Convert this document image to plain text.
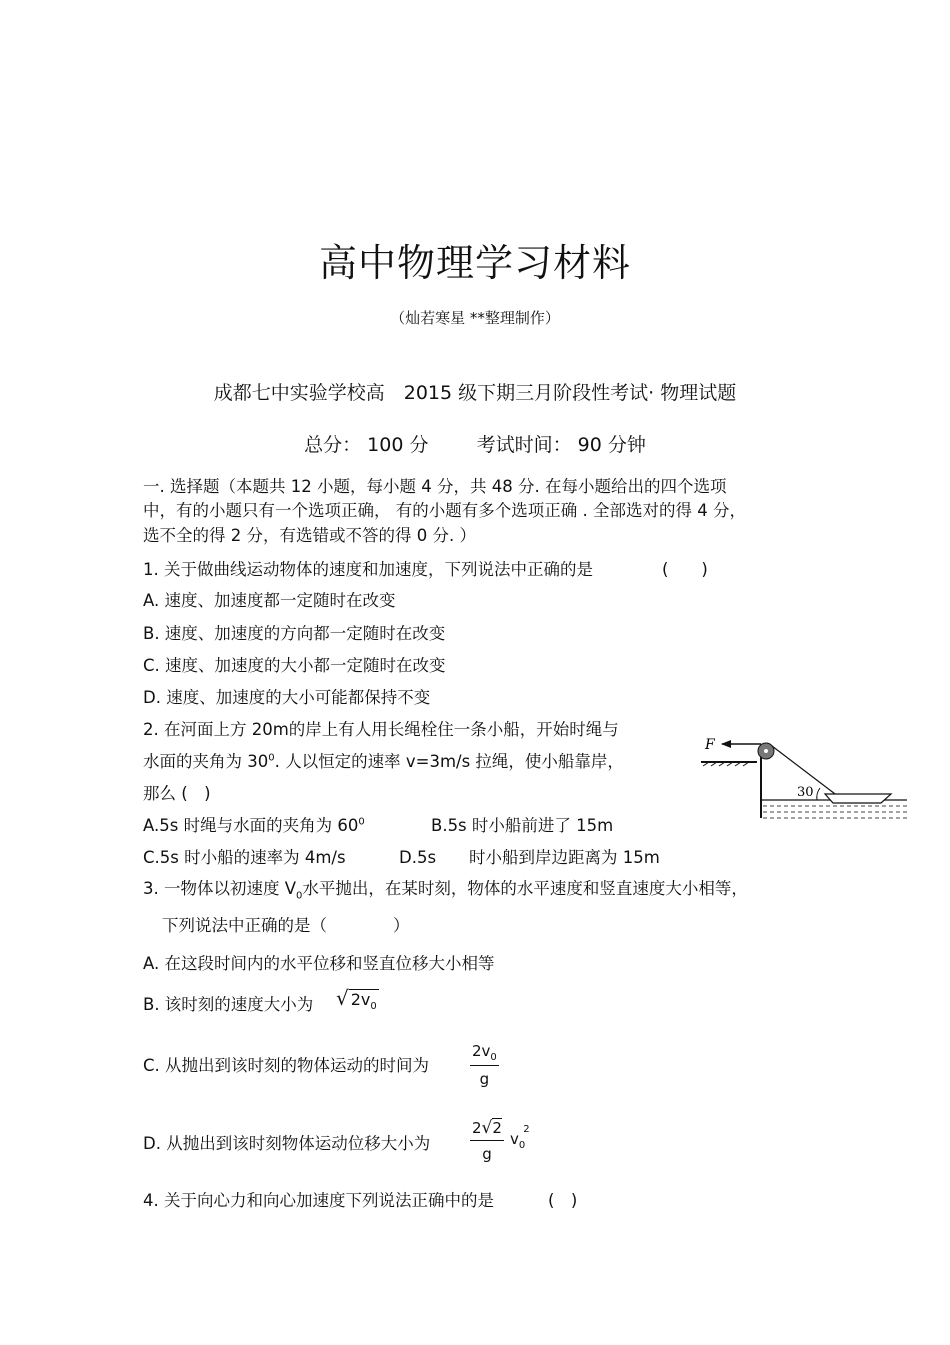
高中物理学习材料
（灿若寒星 **整理制作）
成都七中实验学校高　2015 级下期三月阶段性考试· 物理试题
总分： 100 分	考试时间： 90 分钟
一. 选择题（本题共 12 小题，每小题 4 分，共 48 分. 在每小题给出的四个选项
中，有的小题只有一个选项正确， 有的小题有多个选项正确 . 全部选对的得 4 分，
选不全的得 2 分，有选错或不答的得 0 分. ）
1. 关于做曲线运动物体的速度和加速度，下列说法中正确的是	(　　)
A. 速度、加速度都一定随时在改变
B. 速度、加速度的方向都一定随时在改变
C. 速度、加速度的大小都一定随时在改变
D. 速度、加速度的大小可能都保持不变
2. 在河面上方 20m的岸上有人用长绳栓住一条小船，开始时绳与
水面的夹角为 $30^0$. 人以恒定的速率 v=3m/s 拉绳，使小船靠岸，
那么 (　)
F
30
A.5s 时绳与水面的夹角为 $60^0$	B.5s 时小船前进了 15m
C.5s 时小船的速率为 4m/s	D.5s　　时小船到岸边距离为 15m
3. 一物体以初速度 $V_0$水平抛出，在某时刻，物体的水平速度和竖直速度大小相等，
下列说法中正确的是（　　　　）
A. 在这段时间内的水平位移和竖直位移大小相等
B. 该时刻的速度大小为 √ $2v_0$
C. 从抛出到该时刻的物体运动的时间为	$\frac{2v_0}{g}$
D. 从抛出到该时刻物体运动位移大小为	$\frac{2√2}{g} v_0^2$
4. 关于向心力和向心加速度下列说法正确中的是	(　)
